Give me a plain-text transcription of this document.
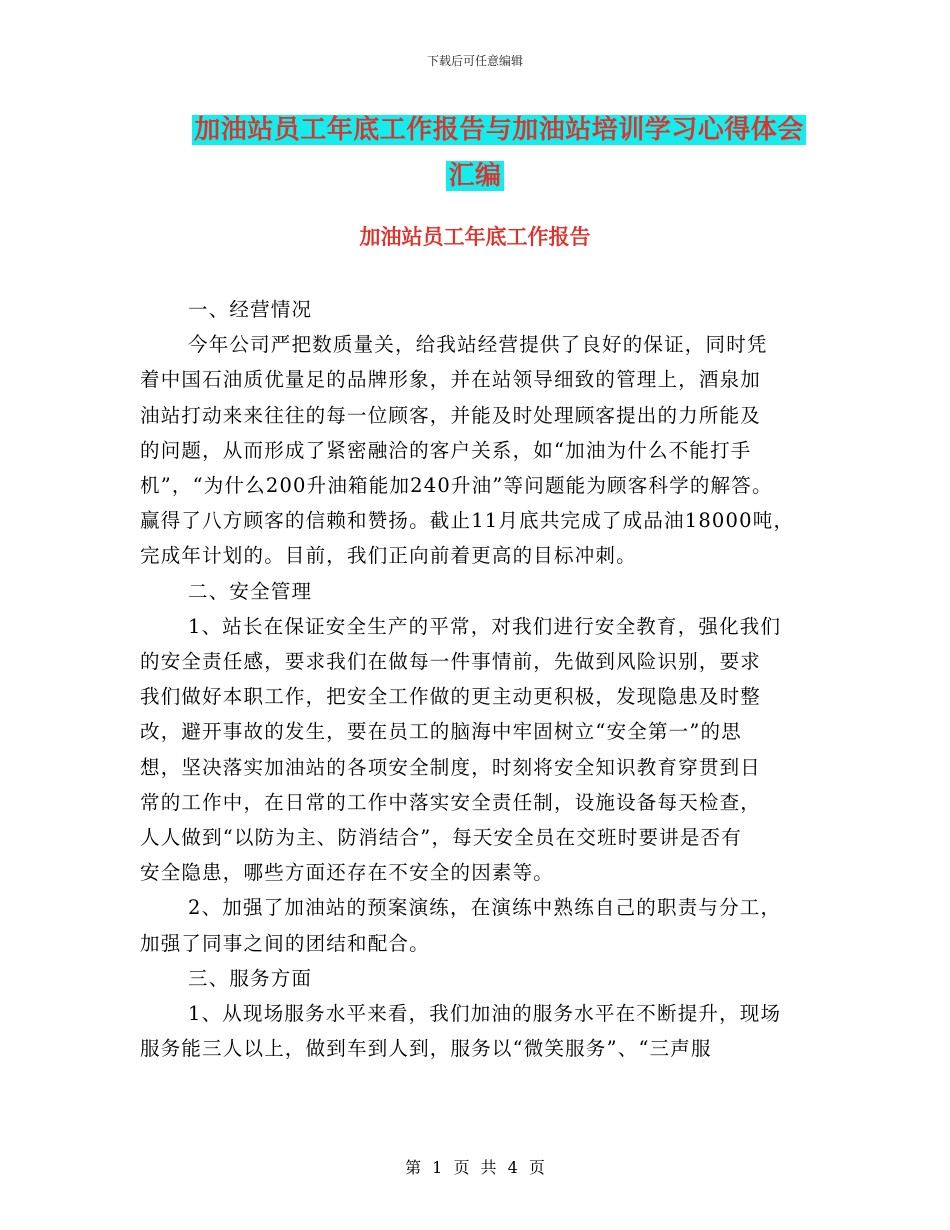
下载后可任意编辑
加油站员工年底工作报告与加油站培训学习心得体会
汇编
加油站员工年底工作报告
一、经营情况
今年公司严把数质量关，给我站经营提供了良好的保证，同时凭
着中国石油质优量足的品牌形象，并在站领导细致的管理上，酒泉加
油站打动来来往往的每一位顾客，并能及时处理顾客提出的力所能及
的问题，从而形成了紧密融洽的客户关系，如“加油为什么不能打手
机”，“为什么200升油箱能加240升油”等问题能为顾客科学的解答。
赢得了八方顾客的信赖和赞扬。截止11月底共完成了成品油18000吨，
完成年计划的。目前，我们正向前着更高的目标冲刺。
二、安全管理
1、站长在保证安全生产的平常，对我们进行安全教育，强化我们
的安全责任感，要求我们在做每一件事情前，先做到风险识别，要求
我们做好本职工作，把安全工作做的更主动更积极，发现隐患及时整
改，避开事故的发生，要在员工的脑海中牢固树立“安全第一”的思
想，坚决落实加油站的各项安全制度，时刻将安全知识教育穿贯到日
常的工作中，在日常的工作中落实安全责任制，设施设备每天检查，
人人做到“以防为主、防消结合”，每天安全员在交班时要讲是否有
安全隐患，哪些方面还存在不安全的因素等。
2、加强了加油站的预案演练，在演练中熟练自己的职责与分工，
加强了同事之间的团结和配合。
三、服务方面
1、从现场服务水平来看，我们加油的服务水平在不断提升，现场
服务能三人以上，做到车到人到，服务以“微笑服务”、“三声服
第 1 页 共 4 页
